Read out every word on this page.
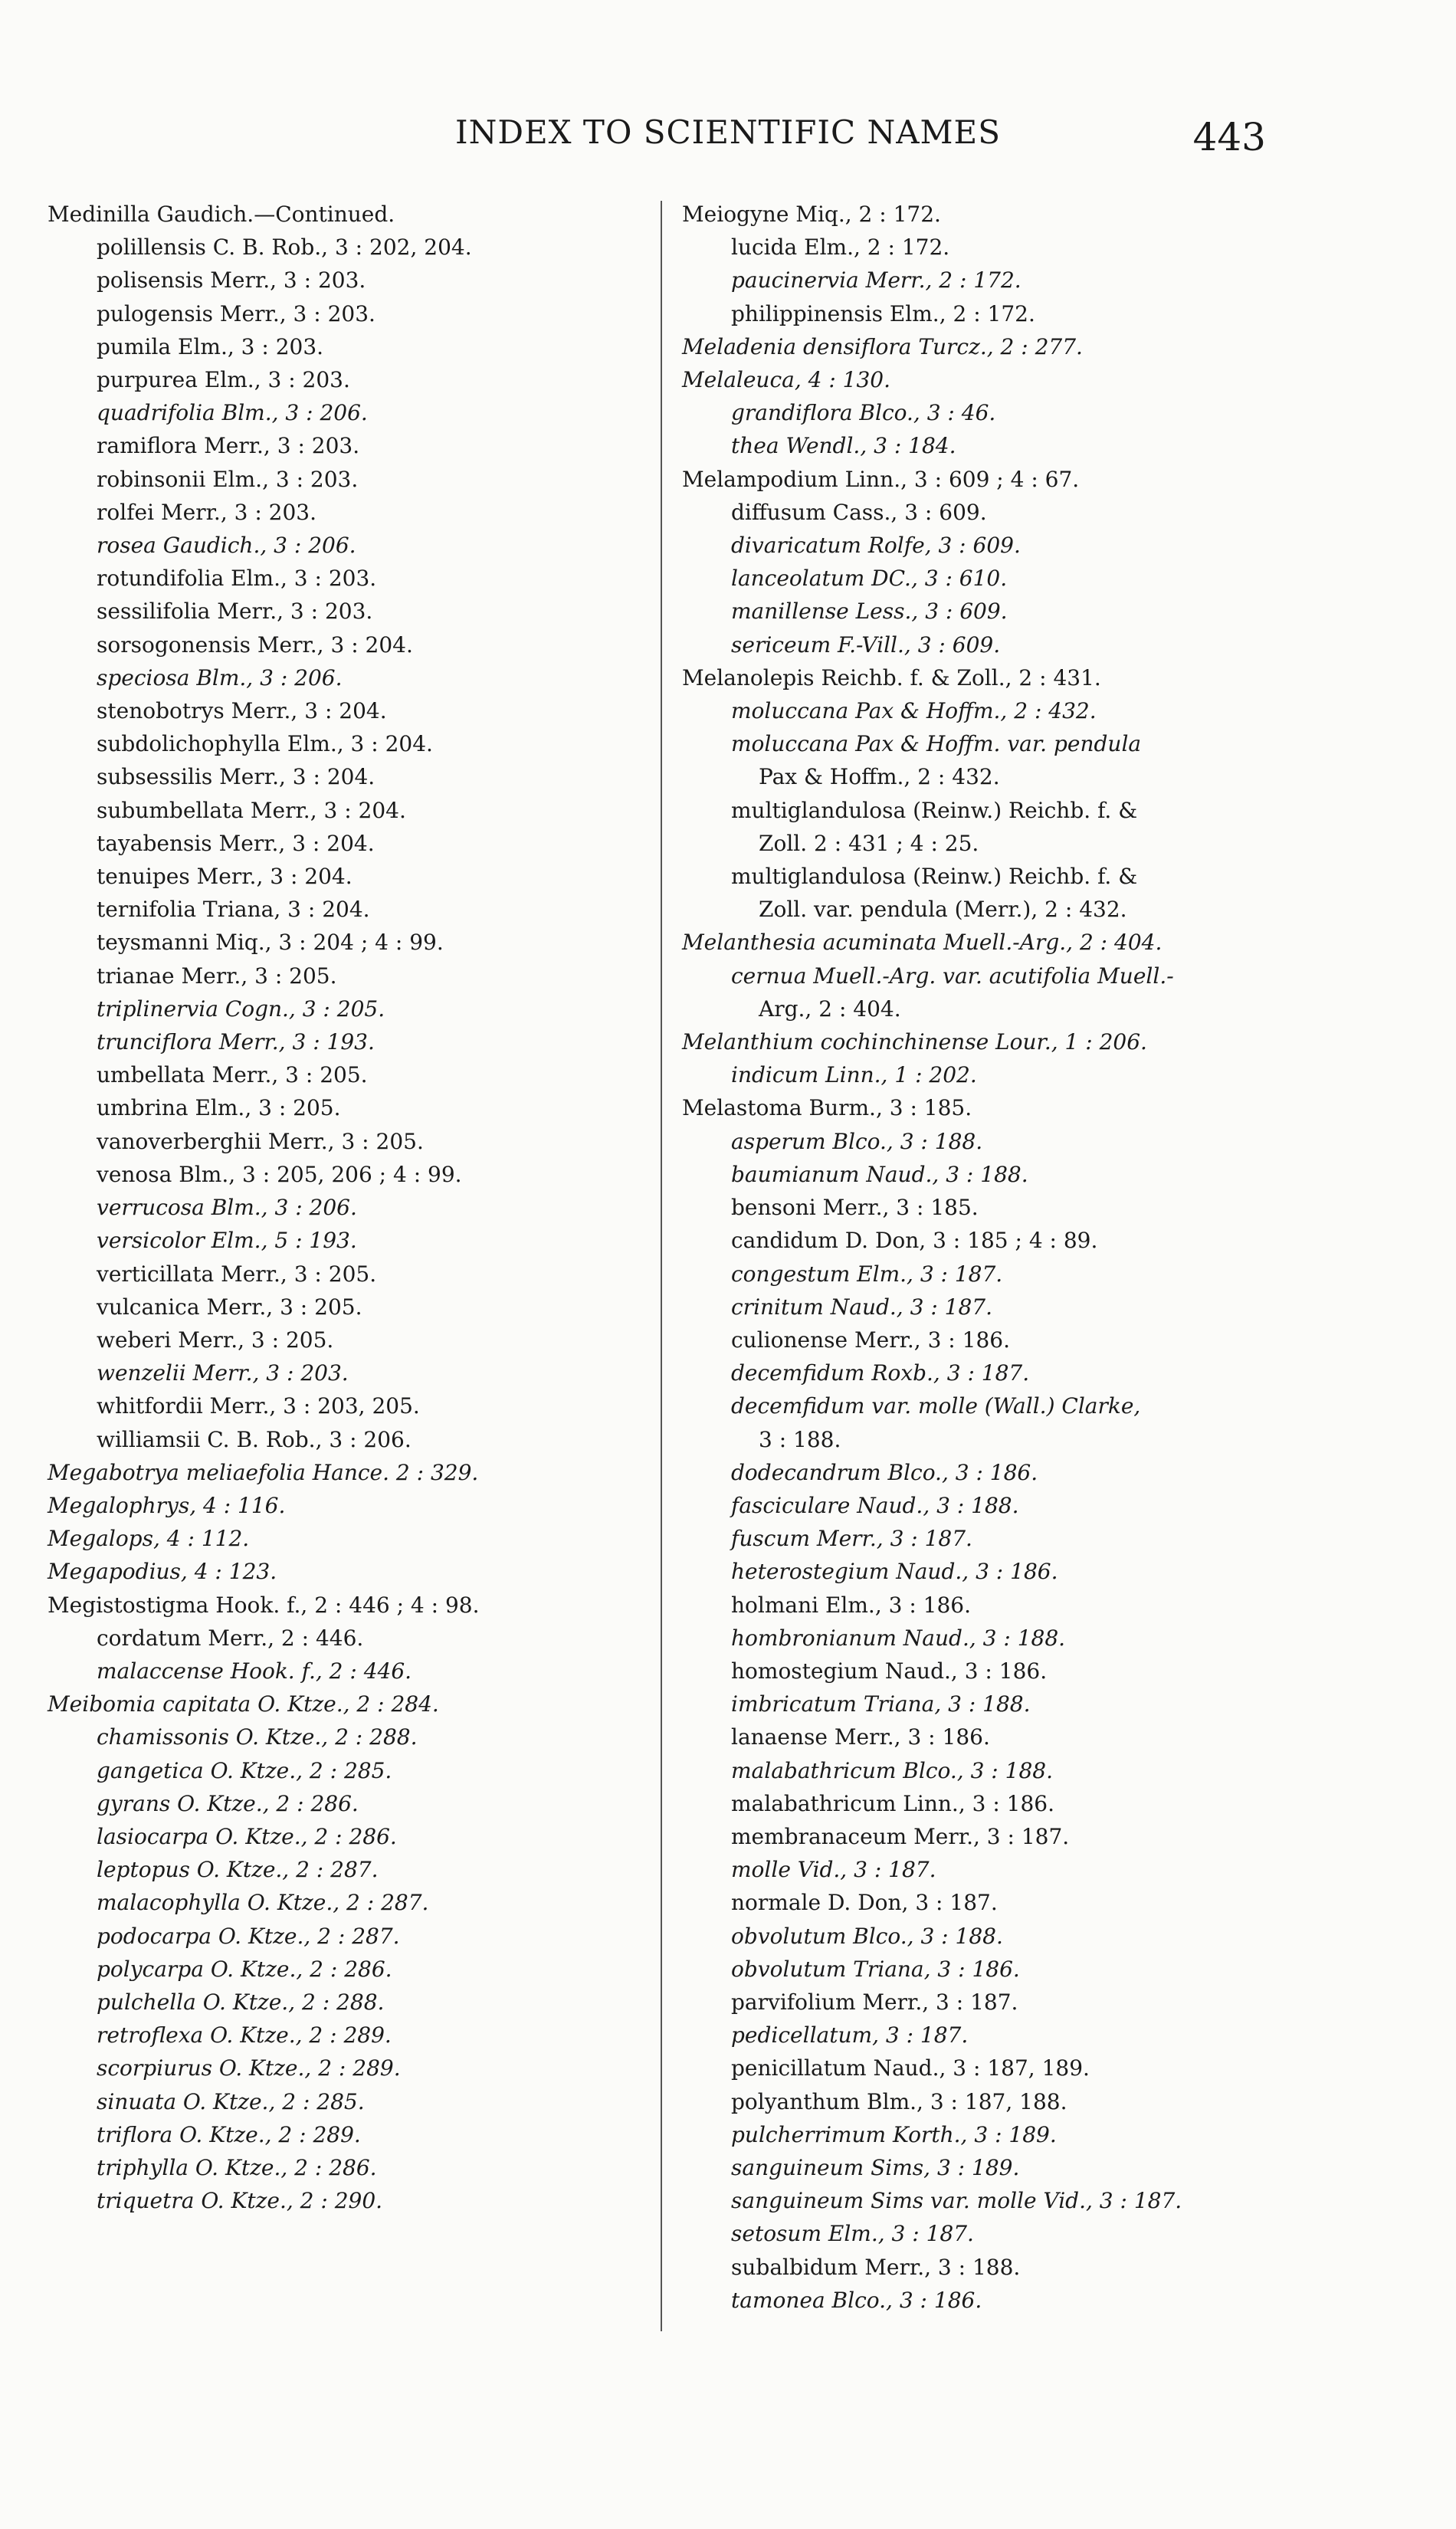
INDEX TO SCIENTIFIC NAMES	443
Medinilla Gaudich.—Continued.
polillensis C. B. Rob., 3 : 202, 204.
polisensis Merr., 3 : 203.
pulogensis Merr., 3 : 203.
pumila Elm., 3 : 203.
purpurea Elm., 3 : 203.
quadrifolia Blm., 3 : 206.
ramiflora Merr., 3 : 203.
robinsonii Elm., 3 : 203.
rolfei Merr., 3 : 203.
rosea Gaudich., 3 : 206.
rotundifolia Elm., 3 : 203.
sessilifolia Merr., 3 : 203.
sorsogonensis Merr., 3 : 204.
speciosa Blm., 3 : 206.
stenobotrys Merr., 3 : 204.
subdolichophylla Elm., 3 : 204.
subsessilis Merr., 3 : 204.
subumbellata Merr., 3 : 204.
tayabensis Merr., 3 : 204.
tenuipes Merr., 3 : 204.
ternifolia Triana, 3 : 204.
teysmanni Miq., 3 : 204 ; 4 : 99.
trianae Merr., 3 : 205.
triplinervia Cogn., 3 : 205.
trunciflora Merr., 3 : 193.
umbellata Merr., 3 : 205.
umbrina Elm., 3 : 205.
vanoverberghii Merr., 3 : 205.
venosa Blm., 3 : 205, 206 ; 4 : 99.
verrucosa Blm., 3 : 206.
versicolor Elm., 5 : 193.
verticillata Merr., 3 : 205.
vulcanica Merr., 3 : 205.
weberi Merr., 3 : 205.
wenzelii Merr., 3 : 203.
whitfordii Merr., 3 : 203, 205.
williamsii C. B. Rob., 3 : 206.
Megabotrya meliaefolia Hance. 2 : 329.
Megalophrys, 4 : 116.
Megalops, 4 : 112.
Megapodius, 4 : 123.
Megistostigma Hook. f., 2 : 446 ; 4 : 98.
cordatum Merr., 2 : 446.
malaccense Hook. f., 2 : 446.
Meibomia capitata O. Ktze., 2 : 284.
chamissonis O. Ktze., 2 : 288.
gangetica O. Ktze., 2 : 285.
gyrans O. Ktze., 2 : 286.
lasiocarpa O. Ktze., 2 : 286.
leptopus O. Ktze., 2 : 287.
malacophylla O. Ktze., 2 : 287.
podocarpa O. Ktze., 2 : 287.
polycarpa O. Ktze., 2 : 286.
pulchella O. Ktze., 2 : 288.
retroflexa O. Ktze., 2 : 289.
scorpiurus O. Ktze., 2 : 289.
sinuata O. Ktze., 2 : 285.
triflora O. Ktze., 2 : 289.
triphylla O. Ktze., 2 : 286.
triquetra O. Ktze., 2 : 290.
Meiogyne Miq., 2 : 172.
lucida Elm., 2 : 172.
paucinervia Merr., 2 : 172.
philippinensis Elm., 2 : 172.
Meladenia densiflora Turcz., 2 : 277.
Melaleuca, 4 : 130.
grandiflora Blco., 3 : 46.
thea Wendl., 3 : 184.
Melampodium Linn., 3 : 609 ; 4 : 67.
diffusum Cass., 3 : 609.
divaricatum Rolfe, 3 : 609.
lanceolatum DC., 3 : 610.
manillense Less., 3 : 609.
sericeum F.-Vill., 3 : 609.
Melanolepis Reichb. f. & Zoll., 2 : 431.
moluccana Pax & Hoffm., 2 : 432.
moluccana Pax & Hoffm. var. pendula
Pax & Hoffm., 2 : 432.
multiglandulosa (Reinw.) Reichb. f. &
Zoll. 2 : 431 ; 4 : 25.
multiglandulosa (Reinw.) Reichb. f. &
Zoll. var. pendula (Merr.), 2 : 432.
Melanthesia acuminata Muell.-Arg., 2 : 404.
cernua Muell.-Arg. var. acutifolia Muell.-
Arg., 2 : 404.
Melanthium cochinchinense Lour., 1 : 206.
indicum Linn., 1 : 202.
Melastoma Burm., 3 : 185.
asperum Blco., 3 : 188.
baumianum Naud., 3 : 188.
bensoni Merr., 3 : 185.
candidum D. Don, 3 : 185 ; 4 : 89.
congestum Elm., 3 : 187.
crinitum Naud., 3 : 187.
culionense Merr., 3 : 186.
decemfidum Roxb., 3 : 187.
decemfidum var. molle (Wall.) Clarke,
3 : 188.
dodecandrum Blco., 3 : 186.
fasciculare Naud., 3 : 188.
fuscum Merr., 3 : 187.
heterostegium Naud., 3 : 186.
holmani Elm., 3 : 186.
hombronianum Naud., 3 : 188.
homostegium Naud., 3 : 186.
imbricatum Triana, 3 : 188.
lanaense Merr., 3 : 186.
malabathricum Blco., 3 : 188.
malabathricum Linn., 3 : 186.
membranaceum Merr., 3 : 187.
molle Vid., 3 : 187.
normale D. Don, 3 : 187.
obvolutum Blco., 3 : 188.
obvolutum Triana, 3 : 186.
parvifolium Merr., 3 : 187.
pedicellatum, 3 : 187.
penicillatum Naud., 3 : 187, 189.
polyanthum Blm., 3 : 187, 188.
pulcherrimum Korth., 3 : 189.
sanguineum Sims, 3 : 189.
sanguineum Sims var. molle Vid., 3 : 187.
setosum Elm., 3 : 187.
subalbidum Merr., 3 : 188.
tamonea Blco., 3 : 186.
